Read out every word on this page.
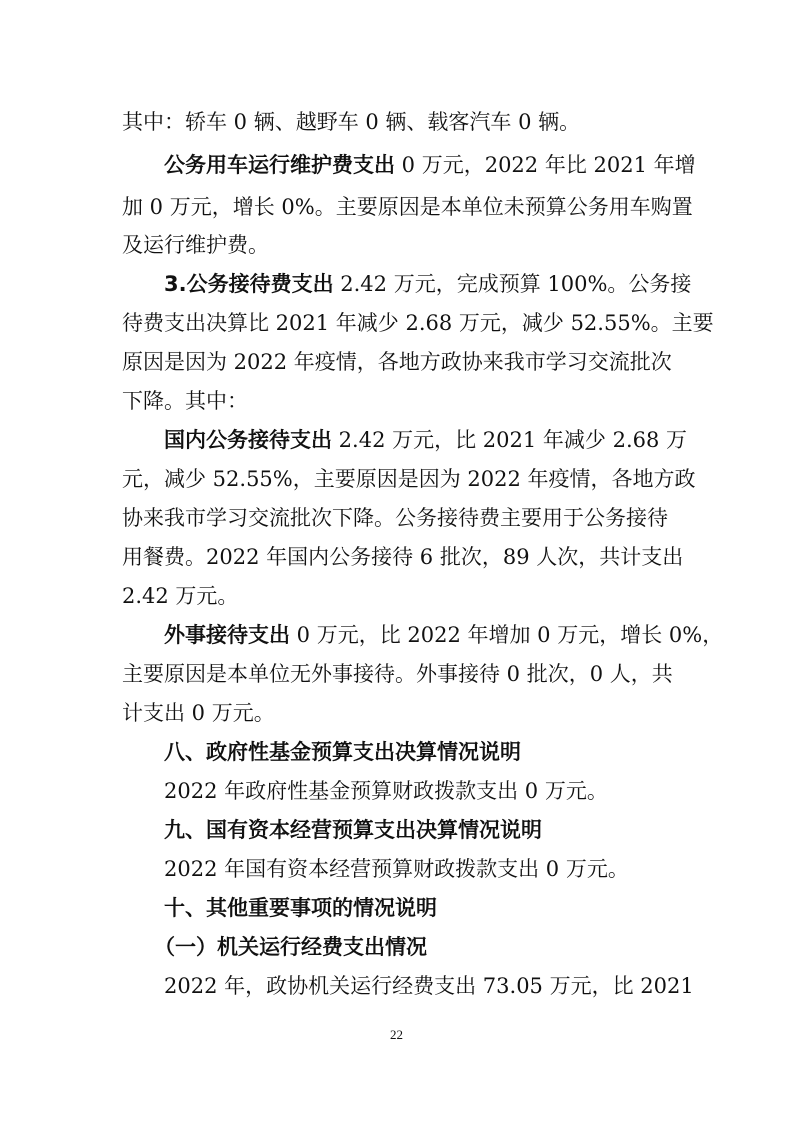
其中：轿车 0 辆、越野车 0 辆、载客汽车 0 辆。
公务用车运行维护费支出 0 万元，2022 年比 2021 年增
加 0 万元，增长 0%。主要原因是本单位未预算公务用车购置
及运行维护费。
3.公务接待费支出 2.42 万元，完成预算 100%。公务接
待费支出决算比 2021 年减少 2.68 万元，减少 52.55%。主要
原因是因为 2022 年疫情，各地方政协来我市学习交流批次
下降。其中：
国内公务接待支出 2.42 万元，比 2021 年减少 2.68 万
元，减少 52.55%，主要原因是因为 2022 年疫情，各地方政
协来我市学习交流批次下降。公务接待费主要用于公务接待
用餐费。2022 年国内公务接待 6 批次，89 人次，共计支出
2.42 万元。
外事接待支出 0 万元，比 2022 年增加 0 万元，增长 0%，
主要原因是本单位无外事接待。外事接待 0 批次，0 人，共
计支出 0 万元。
八、政府性基金预算支出决算情况说明
2022 年政府性基金预算财政拨款支出 0 万元。
九、国有资本经营预算支出决算情况说明
2022 年国有资本经营预算财政拨款支出 0 万元。
十、其他重要事项的情况说明
（一）机关运行经费支出情况
2022 年，政协机关运行经费支出 73.05 万元，比 2021
22
